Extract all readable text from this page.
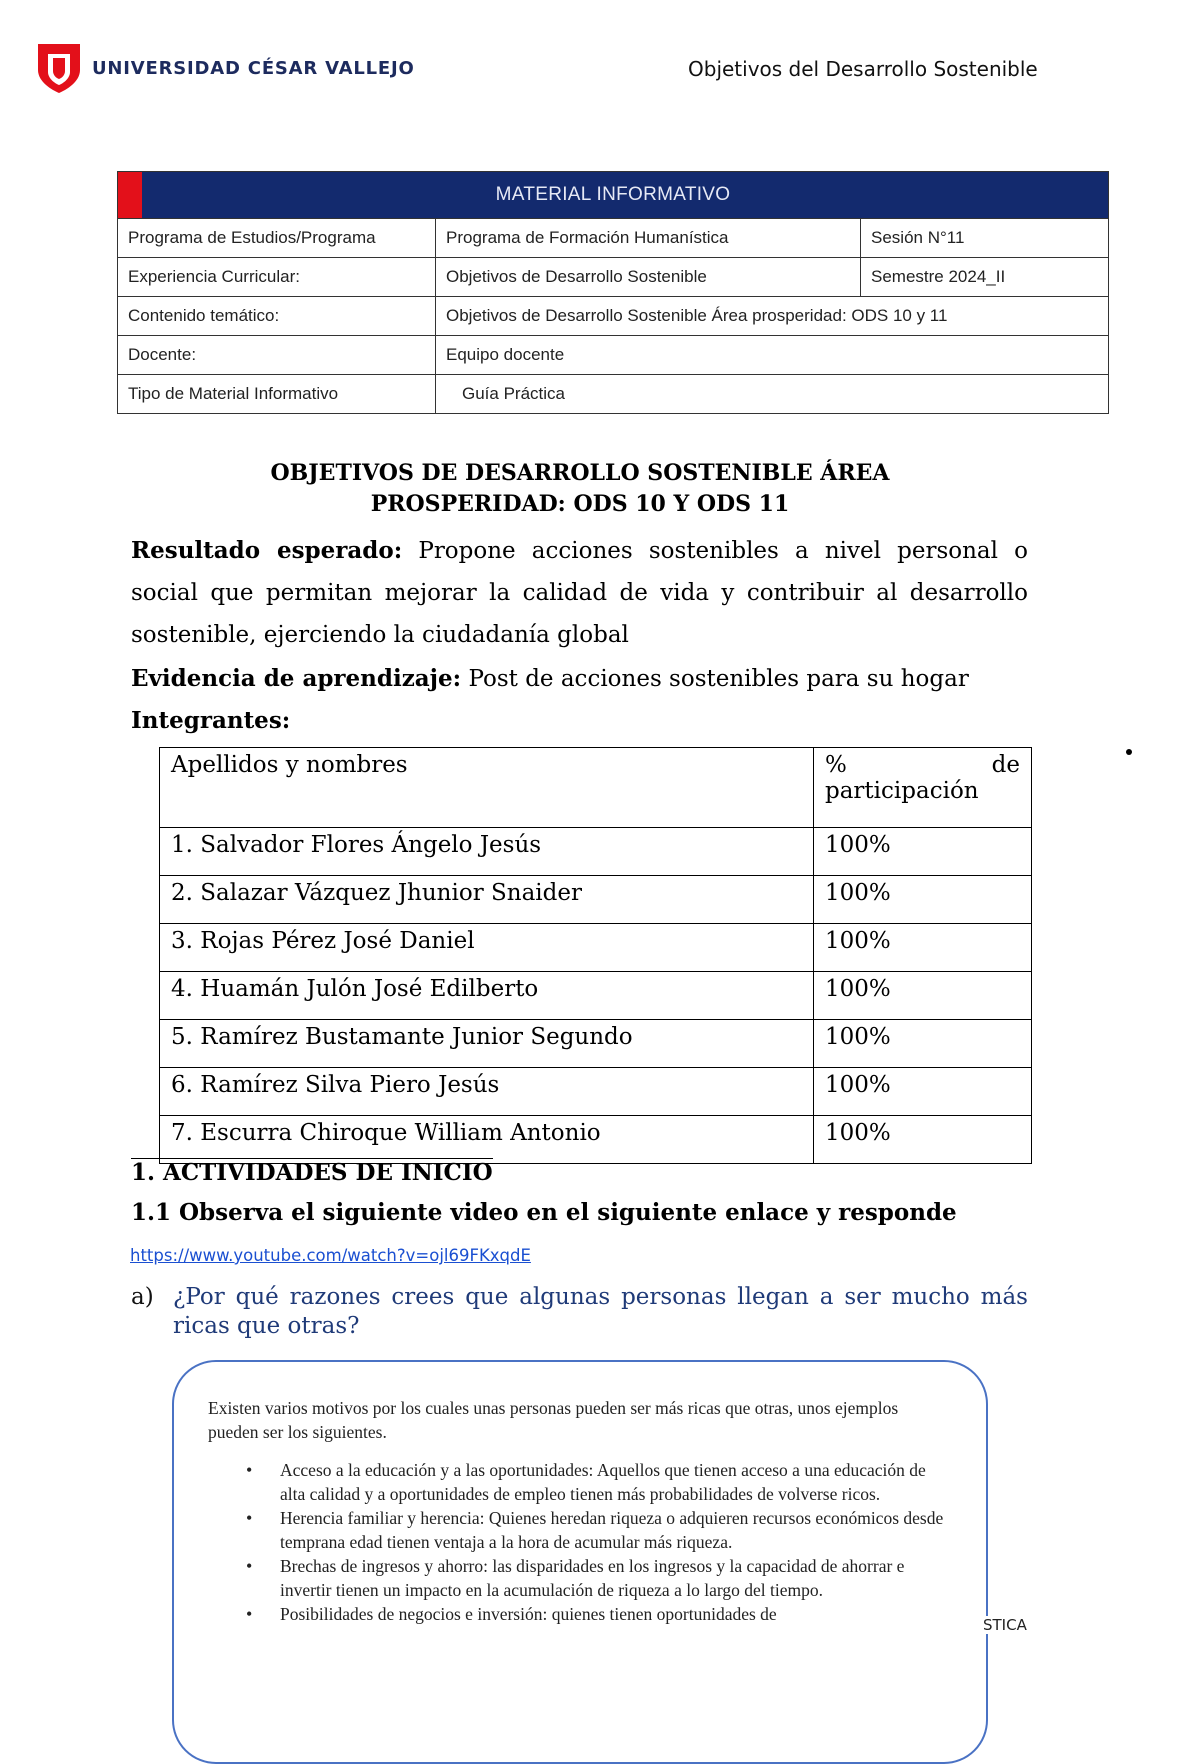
UNIVERSIDAD CÉSAR VALLEJO	Objetivos del Desarrollo Sostenible
MATERIAL INFORMATIVO		
Programa de Estudios/Programa	Programa de Formación Humanística	Sesión N°11
Experiencia Curricular:	Objetivos de Desarrollo Sostenible	Semestre 2024_II
Contenido temático:	Objetivos de Desarrollo Sostenible Área prosperidad: ODS 10 y 11	
Docente:	Equipo docente	
Tipo de Material Informativo	Guía Práctica	
OBJETIVOS DE DESARROLLO SOSTENIBLE ÁREA
PROSPERIDAD: ODS 10 Y ODS 11
Resultado esperado: Propone acciones sostenibles a nivel personal o social que permitan mejorar la calidad de vida y contribuir al desarrollo sostenible, ejerciendo la ciudadanía global
Evidencia de aprendizaje: Post de acciones sostenibles para su hogar
Integrantes:
Apellidos y nombres	% de
participación

1. Salvador Flores Ángelo Jesús	100%
2. Salazar Vázquez Jhunior Snaider	100%
3. Rojas Pérez José Daniel	100%
4. Huamán Julón José Edilberto	100%
5. Ramírez Bustamante Junior Segundo	100%
6. Ramírez Silva Piero Jesús	100%
7. Escurra Chiroque William Antonio	100%
1. ACTIVIDADES DE INICIO
1.1 Observa el siguiente video en el siguiente enlace y responde
https://www.youtube.com/watch?v=ojl69FKxqdE
a) ¿Por qué razones crees que algunas personas llegan a ser mucho más ricas que otras?

Existen varios motivos por los cuales unas personas pueden ser más ricas que otras, unos ejemplos pueden ser los siguientes.

• Acceso a la educación y a las oportunidades: Aquellos que tienen acceso a una educación de alta calidad y a oportunidades de empleo tienen más probabilidades de volverse ricos.
• Herencia familiar y herencia: Quienes heredan riqueza o adquieren recursos económicos desde temprana edad tienen ventaja a la hora de acumular más riqueza.
• Brechas de ingresos y ahorro: las disparidades en los ingresos y la capacidad de ahorrar e invertir tienen un impacto en la acumulación de riqueza a lo largo del tiempo.
• Posibilidades de negocios e inversión: quienes tienen oportunidades de
STICA
